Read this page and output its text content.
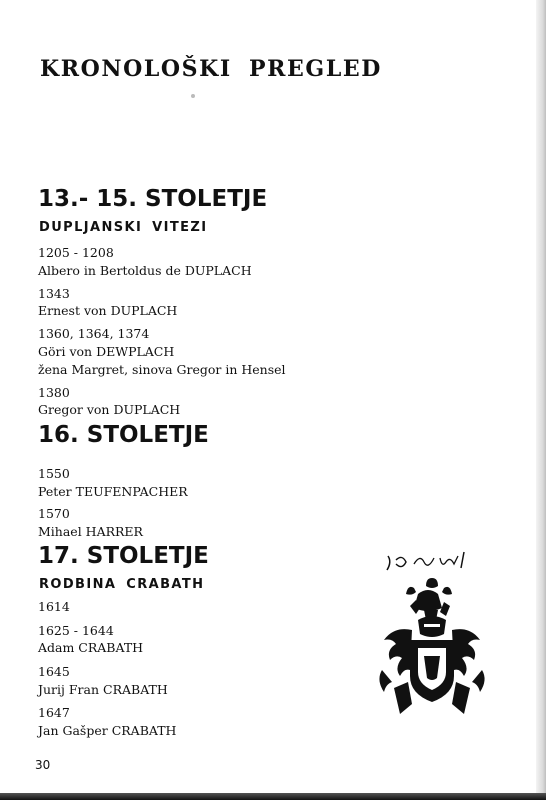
KRONOLOŠKI PREGLED
13.- 15. STOLETJE
DUPLJANSKI VITEZI

1205 - 1208

Albero in Bertoldus de DUPLACH

1343

Ernest von DUPLACH

1360, 1364, 1374

Göri von DEWPLACH

žena Margret, sinova Gregor in Hensel

1380

Gregor von DUPLACH

16. STOLETJE

1550

Peter TEUFENPACHER

1570

Mihael HARRER

17. STOLETJE
RODBINA CRABATH

1614

1625 - 1644

Adam CRABATH

1645

Jurij Fran CRABATH

1647

Jan Gašper CRABATH

30
